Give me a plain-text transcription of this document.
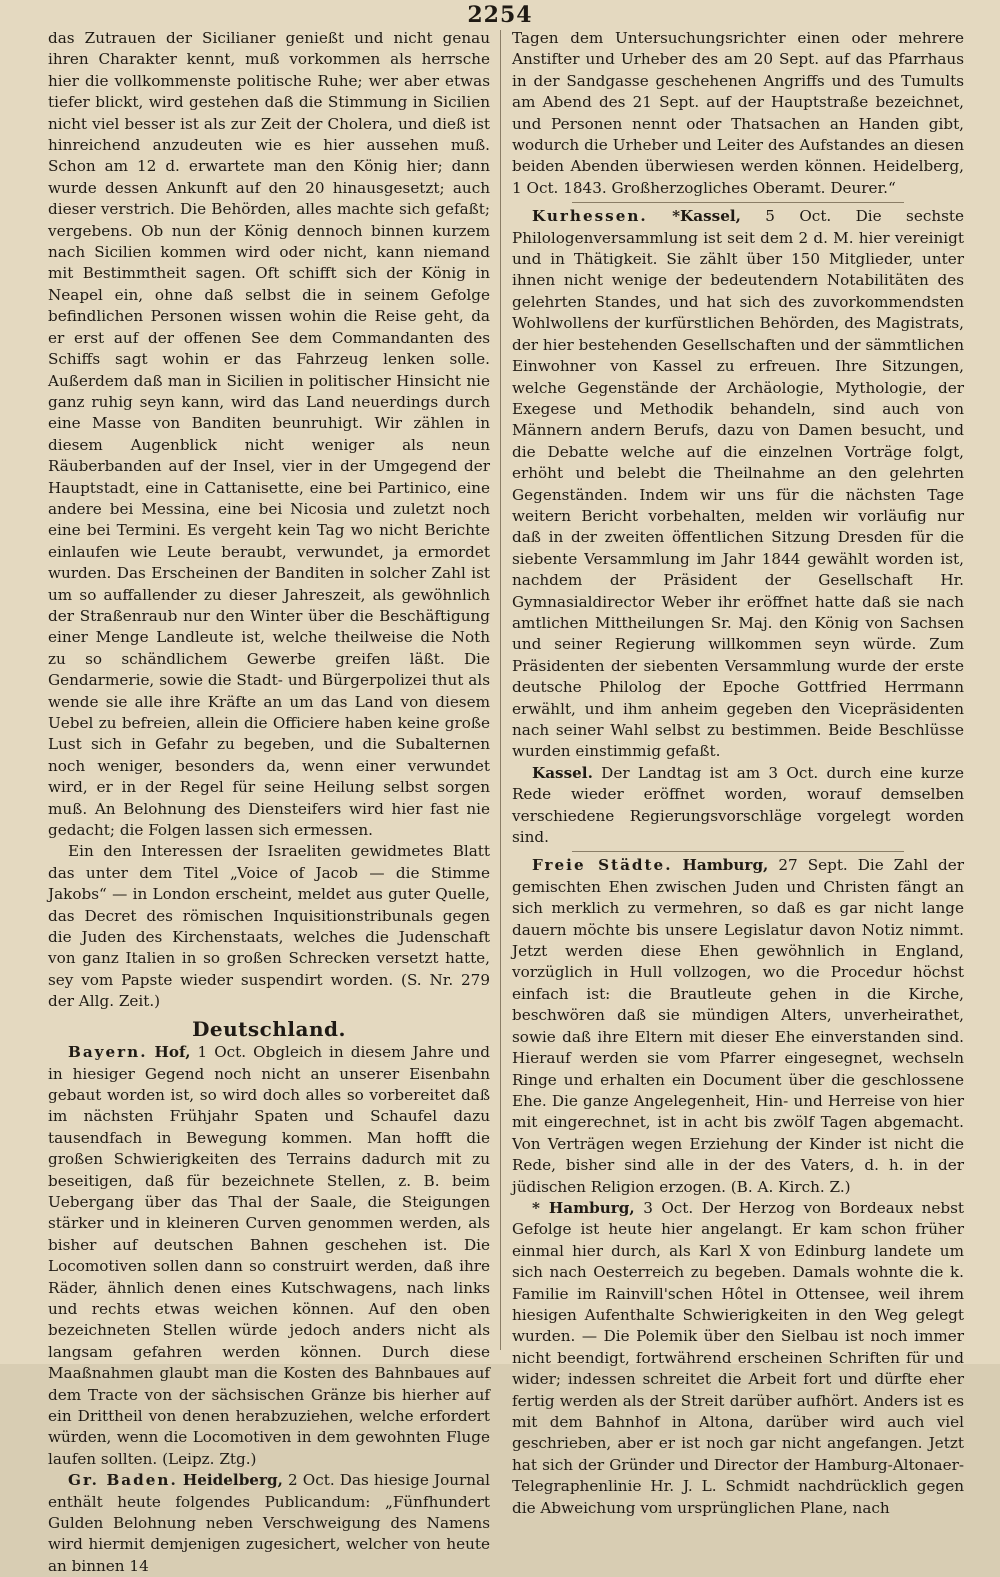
2254

das Zutrauen der Sicilianer genießt und nicht genau ihren Charakter kennt, muß vorkommen als herrsche hier die vollkommenste politische Ruhe; wer aber etwas tiefer blickt, wird gestehen daß die Stimmung in Sicilien nicht viel besser ist als zur Zeit der Cholera, und dieß ist hinreichend anzudeuten wie es hier aussehen muß. Schon am 12 d. erwartete man den König hier; dann wurde dessen Ankunft auf den 20 hinausgesetzt; auch dieser verstrich. Die Behörden, alles machte sich gefaßt; vergebens. Ob nun der König dennoch binnen kurzem nach Sicilien kommen wird oder nicht, kann niemand mit Bestimmtheit sagen. Oft schifft sich der König in Neapel ein, ohne daß selbst die in seinem Gefolge befindlichen Personen wissen wohin die Reise geht, da er erst auf der offenen See dem Commandanten des Schiffs sagt wohin er das Fahrzeug lenken solle. Außerdem daß man in Sicilien in politischer Hinsicht nie ganz ruhig seyn kann, wird das Land neuerdings durch eine Masse von Banditen beunruhigt. Wir zählen in diesem Augenblick nicht weniger als neun Räuberbanden auf der Insel, vier in der Umgegend der Hauptstadt, eine in Cattanisette, eine bei Partinico, eine andere bei Messina, eine bei Nicosia und zuletzt noch eine bei Termini. Es vergeht kein Tag wo nicht Berichte einlaufen wie Leute beraubt, verwundet, ja ermordet wurden. Das Erscheinen der Banditen in solcher Zahl ist um so auffallender zu dieser Jahreszeit, als gewöhnlich der Straßenraub nur den Winter über die Beschäftigung einer Menge Landleute ist, welche theilweise die Noth zu so schändlichem Gewerbe greifen läßt. Die Gendarmerie, sowie die Stadt- und Bürgerpolizei thut als wende sie alle ihre Kräfte an um das Land von diesem Uebel zu befreien, allein die Officiere haben keine große Lust sich in Gefahr zu begeben, und die Subalternen noch weniger, besonders da, wenn einer verwundet wird, er in der Regel für seine Heilung selbst sorgen muß. An Belohnung des Diensteifers wird hier fast nie gedacht; die Folgen lassen sich ermessen.

Ein den Interessen der Israeliten gewidmetes Blatt das unter dem Titel „Voice of Jacob — die Stimme Jakobs“ — in London erscheint, meldet aus guter Quelle, das Decret des römischen Inquisitionstribunals gegen die Juden des Kirchenstaats, welches die Judenschaft von ganz Italien in so großen Schrecken versetzt hatte, sey vom Papste wieder suspendirt worden. (S. Nr. 279 der Allg. Zeit.)

Deutschland.

Bayern. Hof, 1 Oct. Obgleich in diesem Jahre und in hiesiger Gegend noch nicht an unserer Eisenbahn gebaut worden ist, so wird doch alles so vorbereitet daß im nächsten Frühjahr Spaten und Schaufel dazu tausendfach in Bewegung kommen. Man hofft die großen Schwierigkeiten des Terrains dadurch mit zu beseitigen, daß für bezeichnete Stellen, z. B. beim Uebergang über das Thal der Saale, die Steigungen stärker und in kleineren Curven genommen werden, als bisher auf deutschen Bahnen geschehen ist. Die Locomotiven sollen dann so construirt werden, daß ihre Räder, ähnlich denen eines Kutschwagens, nach links und rechts etwas weichen können. Auf den oben bezeichneten Stellen würde jedoch anders nicht als langsam gefahren werden können. Durch diese Maaßnahmen glaubt man die Kosten des Bahnbaues auf dem Tracte von der sächsischen Gränze bis hierher auf ein Drittheil von denen herabzuziehen, welche erfordert würden, wenn die Locomotiven in dem gewohnten Fluge laufen sollten. (Leipz. Ztg.)

Gr. Baden. Heidelberg, 2 Oct. Das hiesige Journal enthält heute folgendes Publicandum: „Fünfhundert Gulden Belohnung neben Verschweigung des Namens wird hiermit demjenigen zugesichert, welcher von heute an binnen 14

Tagen dem Untersuchungsrichter einen oder mehrere Anstifter und Urheber des am 20 Sept. auf das Pfarrhaus in der Sandgasse geschehenen Angriffs und des Tumults am Abend des 21 Sept. auf der Hauptstraße bezeichnet, und Personen nennt oder Thatsachen an Handen gibt, wodurch die Urheber und Leiter des Aufstandes an diesen beiden Abenden überwiesen werden können. Heidelberg, 1 Oct. 1843. Großherzogliches Oberamt. Deurer.“

Kurhessen. *Kassel, 5 Oct. Die sechste Philologenversammlung ist seit dem 2 d. M. hier vereinigt und in Thätigkeit. Sie zählt über 150 Mitglieder, unter ihnen nicht wenige der bedeutendern Notabilitäten des gelehrten Standes, und hat sich des zuvorkommendsten Wohlwollens der kurfürstlichen Behörden, des Magistrats, der hier bestehenden Gesellschaften und der sämmtlichen Einwohner von Kassel zu erfreuen. Ihre Sitzungen, welche Gegenstände der Archäologie, Mythologie, der Exegese und Methodik behandeln, sind auch von Männern andern Berufs, dazu von Damen besucht, und die Debatte welche auf die einzelnen Vorträge folgt, erhöht und belebt die Theilnahme an den gelehrten Gegenständen. Indem wir uns für die nächsten Tage weitern Bericht vorbehalten, melden wir vorläufig nur daß in der zweiten öffentlichen Sitzung Dresden für die siebente Versammlung im Jahr 1844 gewählt worden ist, nachdem der Präsident der Gesellschaft Hr. Gymnasialdirector Weber ihr eröffnet hatte daß sie nach amtlichen Mittheilungen Sr. Maj. den König von Sachsen und seiner Regierung willkommen seyn würde. Zum Präsidenten der siebenten Versammlung wurde der erste deutsche Philolog der Epoche Gottfried Herrmann erwählt, und ihm anheim gegeben den Vicepräsidenten nach seiner Wahl selbst zu bestimmen. Beide Beschlüsse wurden einstimmig gefaßt.

Kassel. Der Landtag ist am 3 Oct. durch eine kurze Rede wieder eröffnet worden, worauf demselben verschiedene Regierungsvorschläge vorgelegt worden sind.

Freie Städte. Hamburg, 27 Sept. Die Zahl der gemischten Ehen zwischen Juden und Christen fängt an sich merklich zu vermehren, so daß es gar nicht lange dauern möchte bis unsere Legislatur davon Notiz nimmt. Jetzt werden diese Ehen gewöhnlich in England, vorzüglich in Hull vollzogen, wo die Procedur höchst einfach ist: die Brautleute gehen in die Kirche, beschwören daß sie mündigen Alters, unverheirathet, sowie daß ihre Eltern mit dieser Ehe einverstanden sind. Hierauf werden sie vom Pfarrer eingesegnet, wechseln Ringe und erhalten ein Document über die geschlossene Ehe. Die ganze Angelegenheit, Hin- und Herreise von hier mit eingerechnet, ist in acht bis zwölf Tagen abgemacht. Von Verträgen wegen Erziehung der Kinder ist nicht die Rede, bisher sind alle in der des Vaters, d. h. in der jüdischen Religion erzogen. (B. A. Kirch. Z.)

* Hamburg, 3 Oct. Der Herzog von Bordeaux nebst Gefolge ist heute hier angelangt. Er kam schon früher einmal hier durch, als Karl X von Edinburg landete um sich nach Oesterreich zu begeben. Damals wohnte die k. Familie im Rainvill'schen Hôtel in Ottensee, weil ihrem hiesigen Aufenthalte Schwierigkeiten in den Weg gelegt wurden. — Die Polemik über den Sielbau ist noch immer nicht beendigt, fortwährend erscheinen Schriften für und wider; indessen schreitet die Arbeit fort und dürfte eher fertig werden als der Streit darüber aufhört. Anders ist es mit dem Bahnhof in Altona, darüber wird auch viel geschrieben, aber er ist noch gar nicht angefangen. Jetzt hat sich der Gründer und Director der Hamburg-Altonaer-Telegraphenlinie Hr. J. L. Schmidt nachdrücklich gegen die Abweichung vom ursprünglichen Plane, nach
